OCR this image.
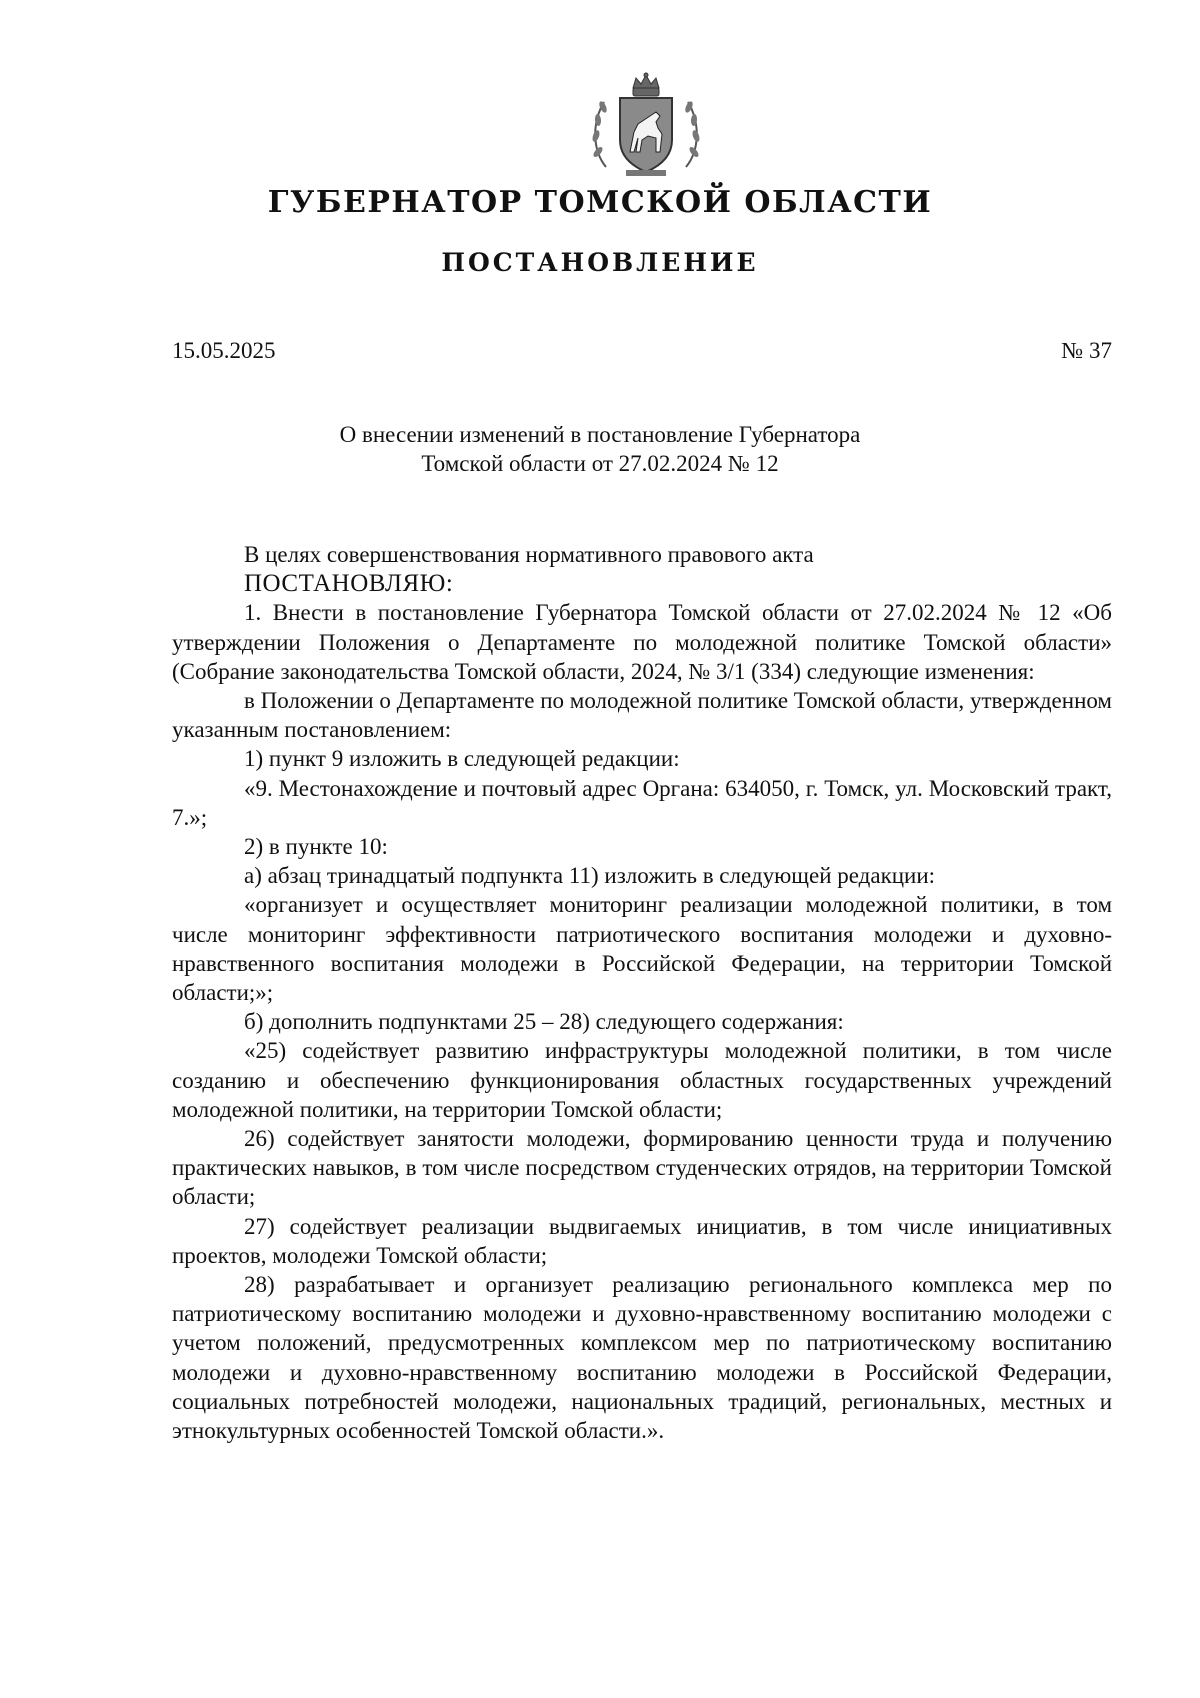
ГУБЕРНАТОР ТОМСКОЙ ОБЛАСТИ
ПОСТАНОВЛЕНИЕ
15.05.2025	№ 37
О внесении изменений в постановление Губернатора
Томской области от 27.02.2024 № 12

В целях совершенствования нормативного правового акта

ПОСТАНОВЛЯЮ:

1. Внести в постановление Губернатора Томской области от 27.02.2024 № 12 «Об утверждении Положения о Департаменте по молодежной политике Томской области» (Собрание законодательства Томской области, 2024, № 3/1 (334) следующие изменения:

в Положении о Департаменте по молодежной политике Томской области, утвержденном указанным постановлением:

1) пункт 9 изложить в следующей редакции:

«9. Местонахождение и почтовый адрес Органа: 634050, г. Томск, ул. Московский тракт, 7.»;

2) в пункте 10:

а) абзац тринадцатый подпункта 11) изложить в следующей редакции:

«организует и осуществляет мониторинг реализации молодежной политики, в том числе мониторинг эффективности патриотического воспитания молодежи и духовно-нравственного воспитания молодежи в Российской Федерации, на территории Томской области;»;

б) дополнить подпунктами 25 – 28) следующего содержания:

«25) содействует развитию инфраструктуры молодежной политики, в том числе созданию и обеспечению функционирования областных государственных учреждений молодежной политики, на территории Томской области;

26) содействует занятости молодежи, формированию ценности труда и получению практических навыков, в том числе посредством студенческих отрядов, на территории Томской области;

27) содействует реализации выдвигаемых инициатив, в том числе инициативных проектов, молодежи Томской области;

28) разрабатывает и организует реализацию регионального комплекса мер по патриотическому воспитанию молодежи и духовно-нравственному воспитанию молодежи с учетом положений, предусмотренных комплексом мер по патриотическому воспитанию молодежи и духовно-нравственному воспитанию молодежи в Российской Федерации, социальных потребностей молодежи, национальных традиций, региональных, местных и этнокультурных особенностей Томской области.».
